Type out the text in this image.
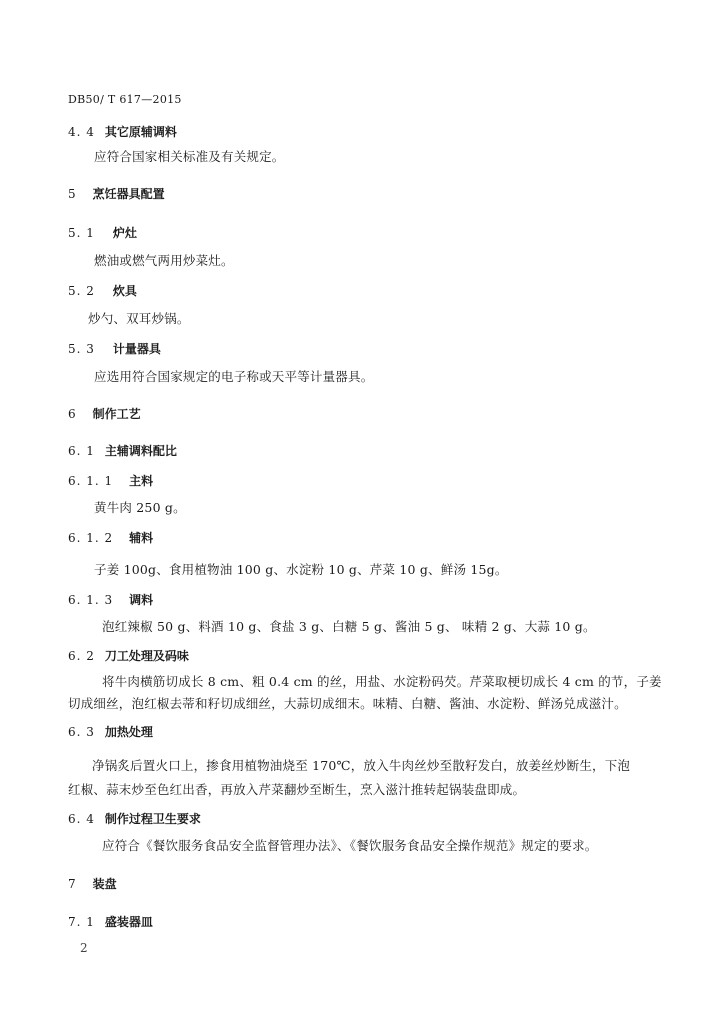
DB50/ T 617—2015
4. 4 其它原辅调料
应符合国家相关标准及有关规定。
5 烹饪器具配置
5. 1 炉灶
燃油或燃气两用炒菜灶。
5. 2 炊具
炒勺、双耳炒锅。
5. 3 计量器具
应选用符合国家规定的电子称或天平等计量器具。
6 制作工艺
6. 1 主辅调料配比
6. 1. 1 主料
黄牛肉 250 g。
6. 1. 2 辅料
子姜 100g、食用植物油 100 g、水淀粉 10 g、芹菜 10 g、鲜汤 15g。
6. 1. 3 调料
泡红辣椒 50 g、料酒 10 g、食盐 3 g、白糖 5 g、酱油 5 g、 味精 2 g、大蒜 10 g。
6. 2 刀工处理及码味
将牛肉横筋切成长 8 cm、粗 0.4 cm 的丝，用盐、水淀粉码芡。芹菜取梗切成长 4 cm 的节，子姜
切成细丝，泡红椒去蒂和籽切成细丝，大蒜切成细末。味精、白糖、酱油、水淀粉、鲜汤兑成滋汁。
6. 3 加热处理
净锅炙后置火口上，掺食用植物油烧至 170℃，放入牛肉丝炒至散籽发白，放姜丝炒断生，下泡
红椒、蒜末炒至色红出香，再放入芹菜翻炒至断生，烹入滋汁推转起锅装盘即成。
6. 4 制作过程卫生要求
应符合《餐饮服务食品安全监督管理办法》、《餐饮服务食品安全操作规范》规定的要求。
7 装盘
7. 1 盛装器皿
2
